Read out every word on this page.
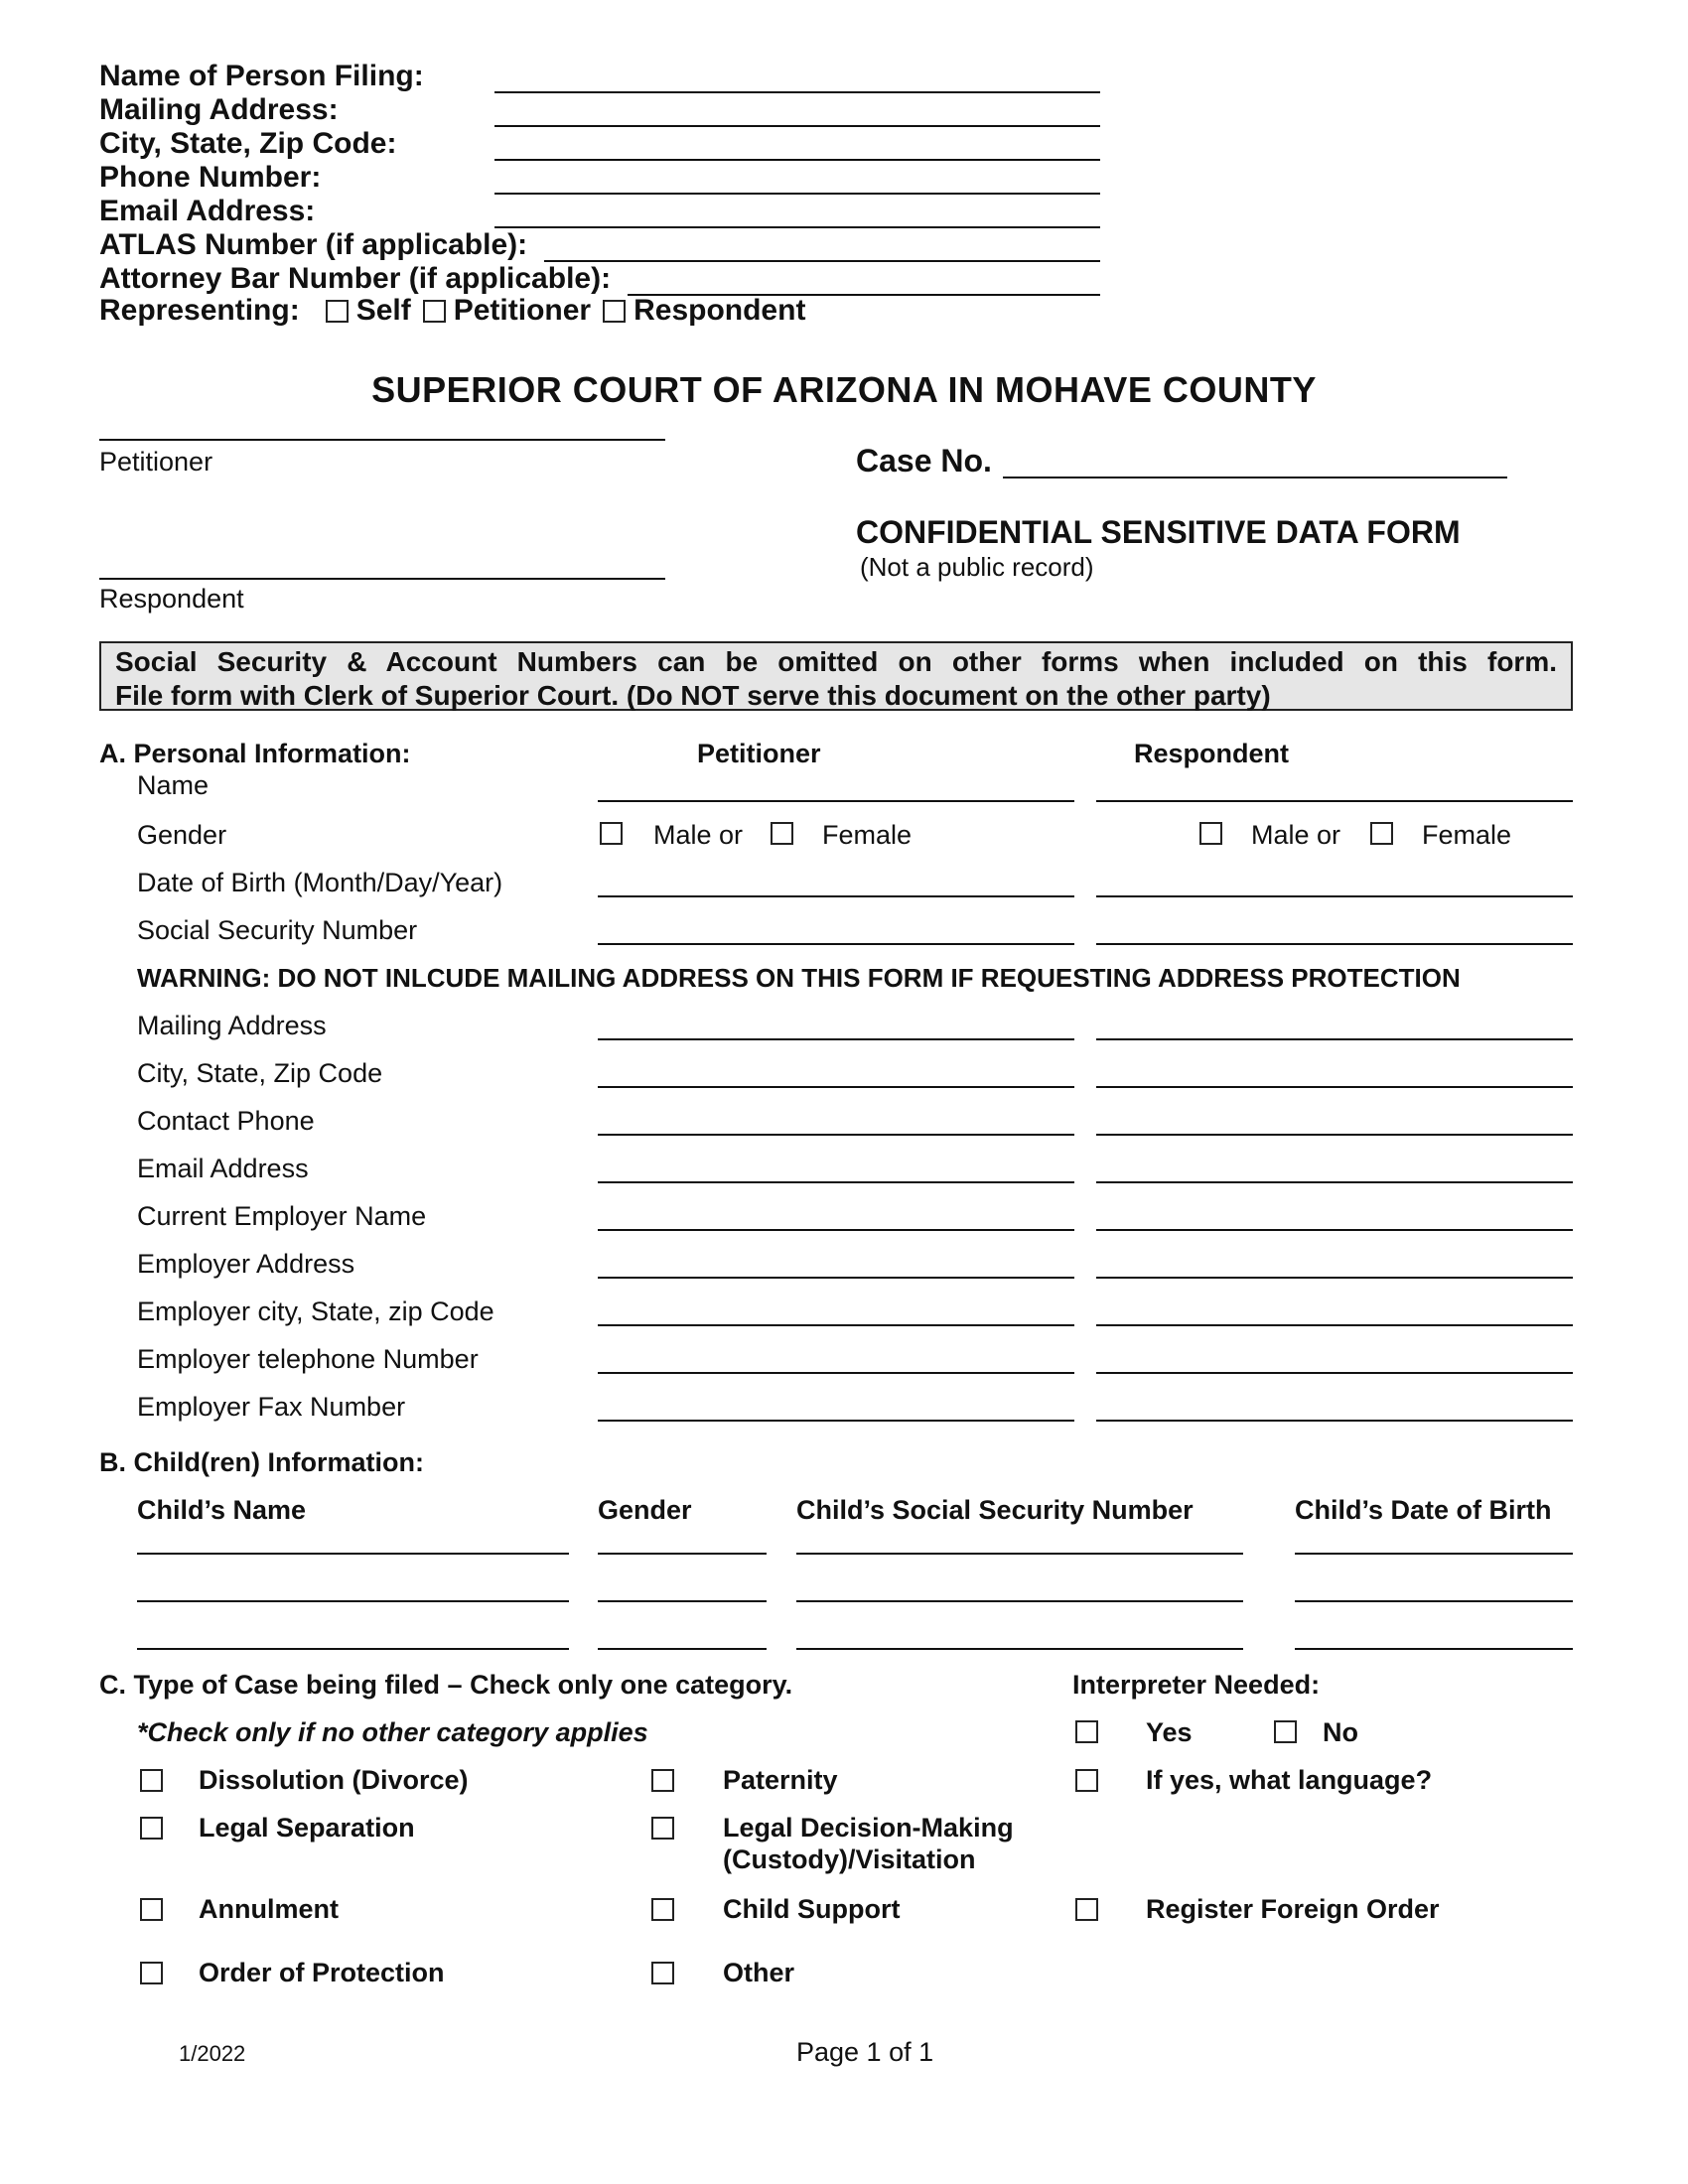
Name of Person Filing:
Mailing Address:
City, State, Zip Code:
Phone Number:
Email Address:
ATLAS Number (if applicable):
Attorney Bar Number (if applicable):
Representing: Self Petitioner Respondent
SUPERIOR COURT OF ARIZONA IN MOHAVE COUNTY
Petitioner
Respondent
Case No.
CONFIDENTIAL SENSITIVE DATA FORM
(Not a public record)
Social Security & Account Numbers can be omitted on other forms when included on this form.
File form with Clerk of Superior Court. (Do NOT serve this document on the other party)
A. Personal Information:	Petitioner	Respondent
Name
Gender	Male or	Female	Male or	Female
Date of Birth (Month/Day/Year)
Social Security Number
WARNING: DO NOT INLCUDE MAILING ADDRESS ON THIS FORM IF REQUESTING ADDRESS PROTECTION
Mailing Address
City, State, Zip Code
Contact Phone
Email Address
Current Employer Name
Employer Address
Employer city, State, zip Code
Employer telephone Number
Employer Fax Number
B. Child(ren) Information:
Child’s Name	Gender	Child’s Social Security Number	Child’s Date of Birth
C. Type of Case being filed – Check only one category.
*Check only if no other category applies
Interpreter Needed:
Yes	No
Dissolution (Divorce)	Paternity	If yes, what language?
Legal Separation	Legal Decision-Making
(Custody)/Visitation
Annulment	Child Support	Register Foreign Order
Order of Protection	Other
1/2022	Page 1 of 1
